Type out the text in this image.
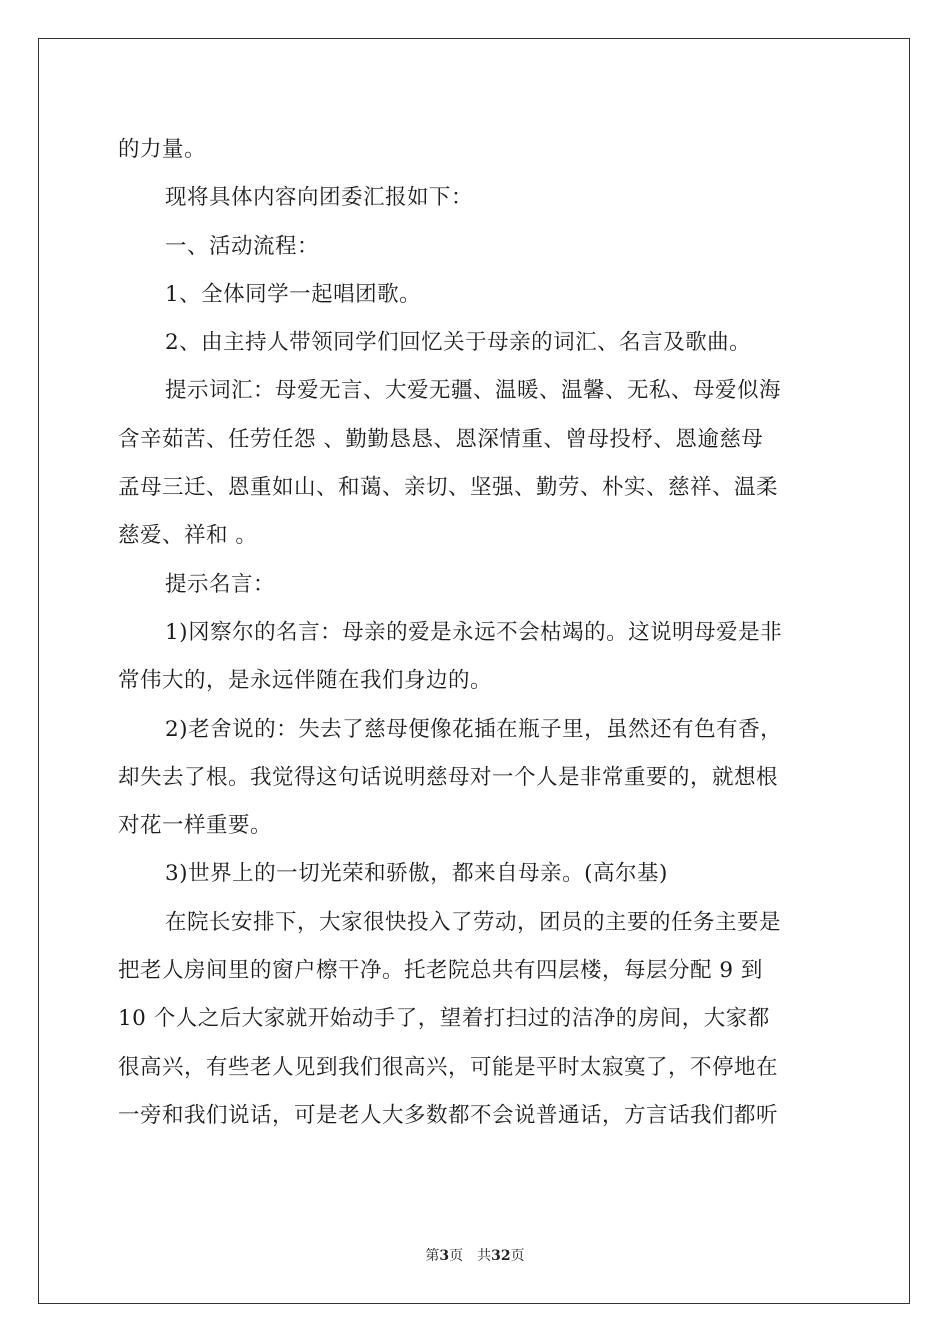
的力量。
现将具体内容向团委汇报如下：
一、活动流程：
1、全体同学一起唱团歌。
2、由主持人带领同学们回忆关于母亲的词汇、名言及歌曲。
提示词汇：母爱无言、大爱无疆、温暖、温馨、无私、母爱似海
含辛茹苦、任劳任怨 、勤勤恳恳、恩深情重、曾母投杼、恩逾慈母
孟母三迁、恩重如山、和蔼、亲切、坚强、勤劳、朴实、慈祥、温柔
慈爱、祥和 。
提示名言：
1)冈察尔的名言：母亲的爱是永远不会枯竭的。这说明母爱是非
常伟大的，是永远伴随在我们身边的。
2)老舍说的：失去了慈母便像花插在瓶子里，虽然还有色有香，
却失去了根。我觉得这句话说明慈母对一个人是非常重要的，就想根
对花一样重要。
3)世界上的一切光荣和骄傲，都来自母亲。(高尔基)
在院长安排下，大家很快投入了劳动，团员的主要的任务主要是
把老人房间里的窗户檫干净。托老院总共有四层楼，每层分配 9 到
10 个人之后大家就开始动手了，望着打扫过的洁净的房间，大家都
很高兴，有些老人见到我们很高兴，可能是平时太寂寞了，不停地在
一旁和我们说话，可是老人大多数都不会说普通话，方言话我们都听
第3页 共32页
